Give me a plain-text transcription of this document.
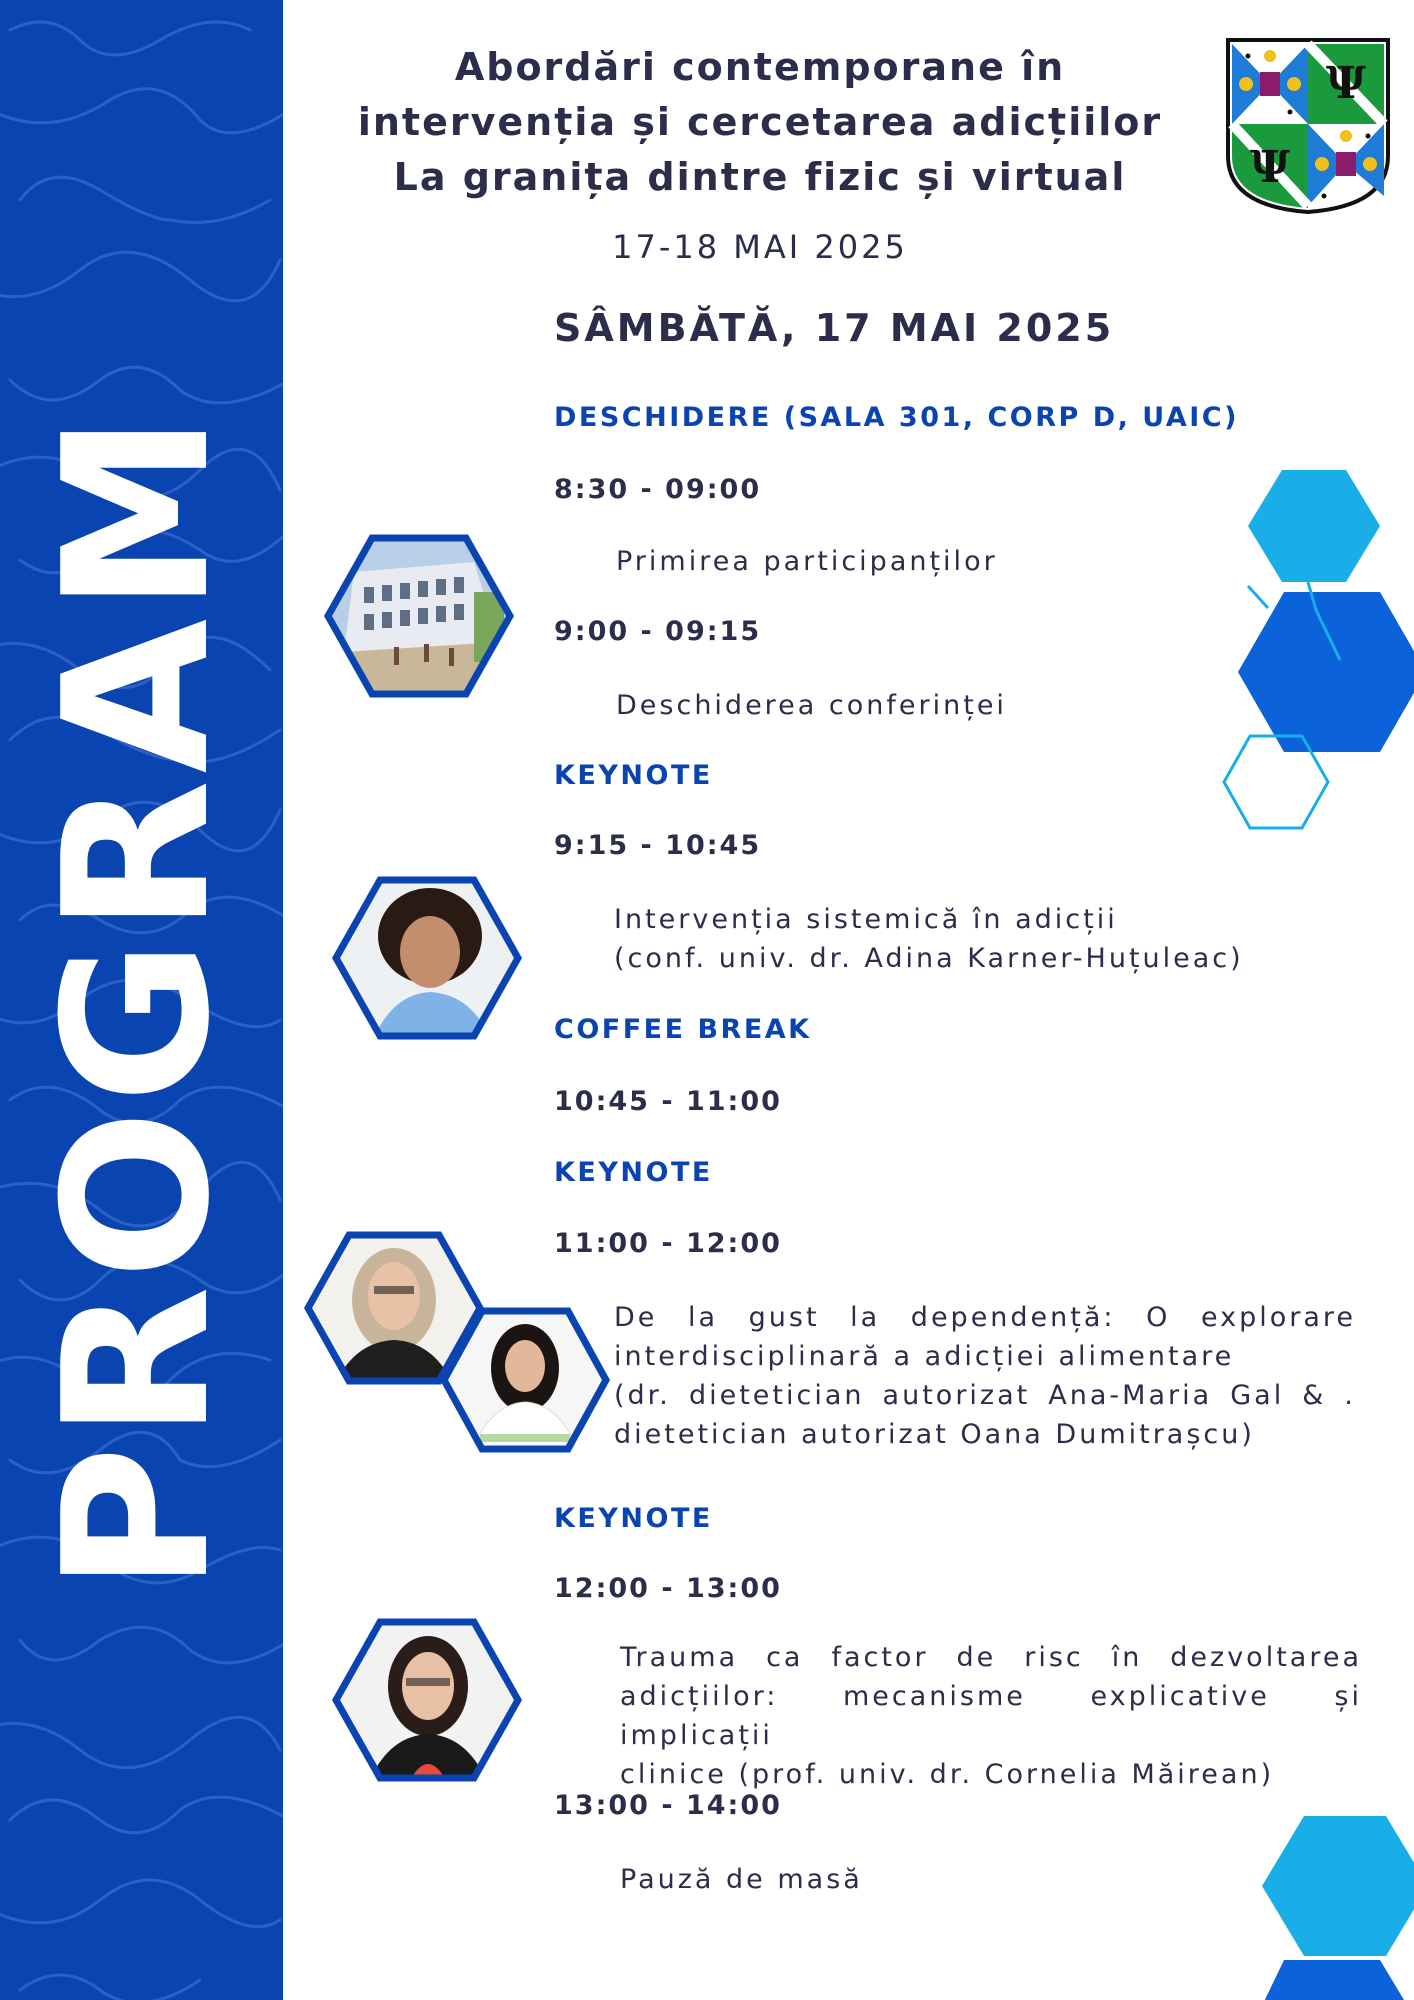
PROGRAM
Abordări contemporane în
intervenția și cercetarea adicțiilor
La granița dintre fizic și virtual
17-18 MAI 2025
Ψ
Ψ
SÂMBĂTĂ, 17 MAI 2025
DESCHIDERE (SALA 301, CORP D, UAIC)
8:30 - 09:00
Primirea participanților
9:00 - 09:15
Deschiderea conferinței
KEYNOTE
9:15 - 10:45
Intervenția sistemică în adicții
(conf. univ. dr. Adina Karner-Huțuleac)
COFFEE BREAK
10:45 - 11:00
KEYNOTE
11:00 - 12:00
De la gust la dependență: O explorare
interdisciplinară a adicției alimentare
(dr. dietetician autorizat Ana-Maria Gal & .
dietetician autorizat Oana Dumitrașcu)
KEYNOTE
12:00 - 13:00
Trauma ca factor de risc în dezvoltarea
adicțiilor: mecanisme explicative și implicații
clinice (prof. univ. dr. Cornelia Măirean)
13:00 - 14:00
Pauză de masă
